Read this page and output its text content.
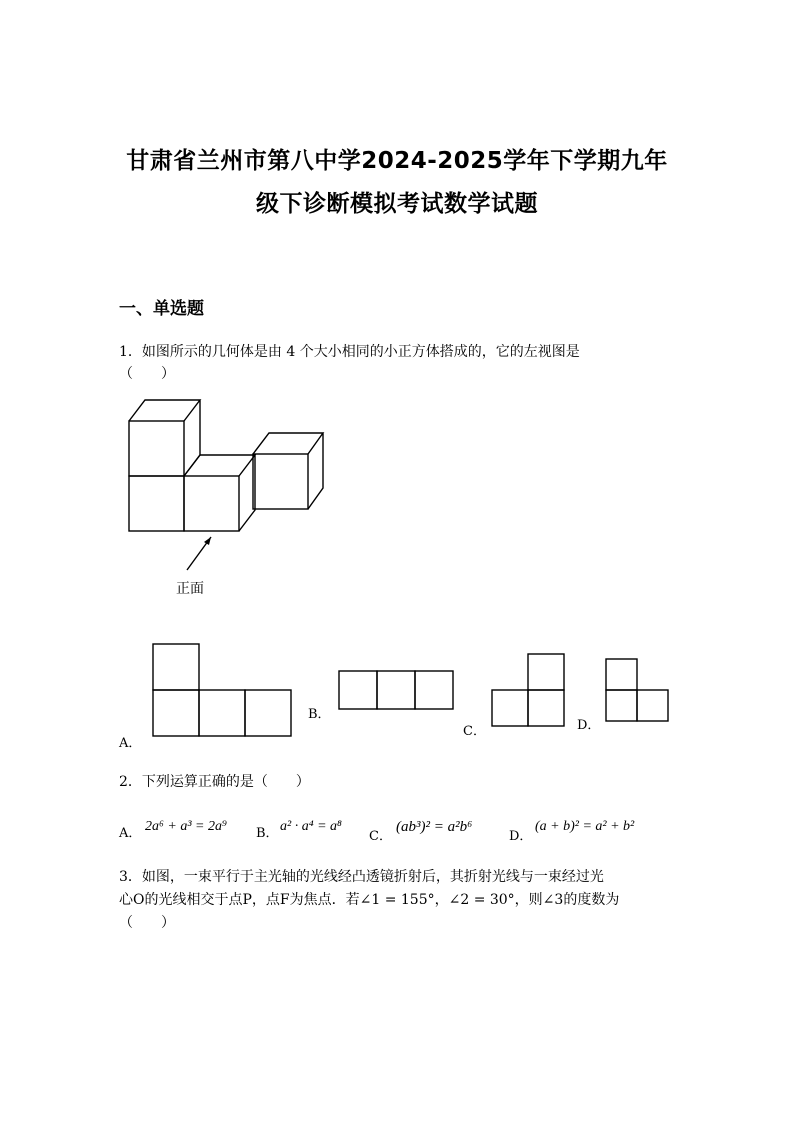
甘肃省兰州市第八中学2024-2025学年下学期九年
级下诊断模拟考试数学试题
一、单选题
1．如图所示的几何体是由 4 个大小相同的小正方体搭成的，它的左视图是
（　　）
正面
A．
B．
C．	D．
2．下列运算正确的是（　　）
A． 2a⁶ + a³ = 2a⁹ B． a² · a⁴ = a⁸
C．
(ab³)² = a²b⁶
D．
(a + b)² = a² + b²
3．如图，一束平行于主光轴的光线经凸透镜折射后，其折射光线与一束经过光
心O的光线相交于点P，点F为焦点．若∠1 = 155°，∠2 = 30°，则∠3的度数为
（　　）
